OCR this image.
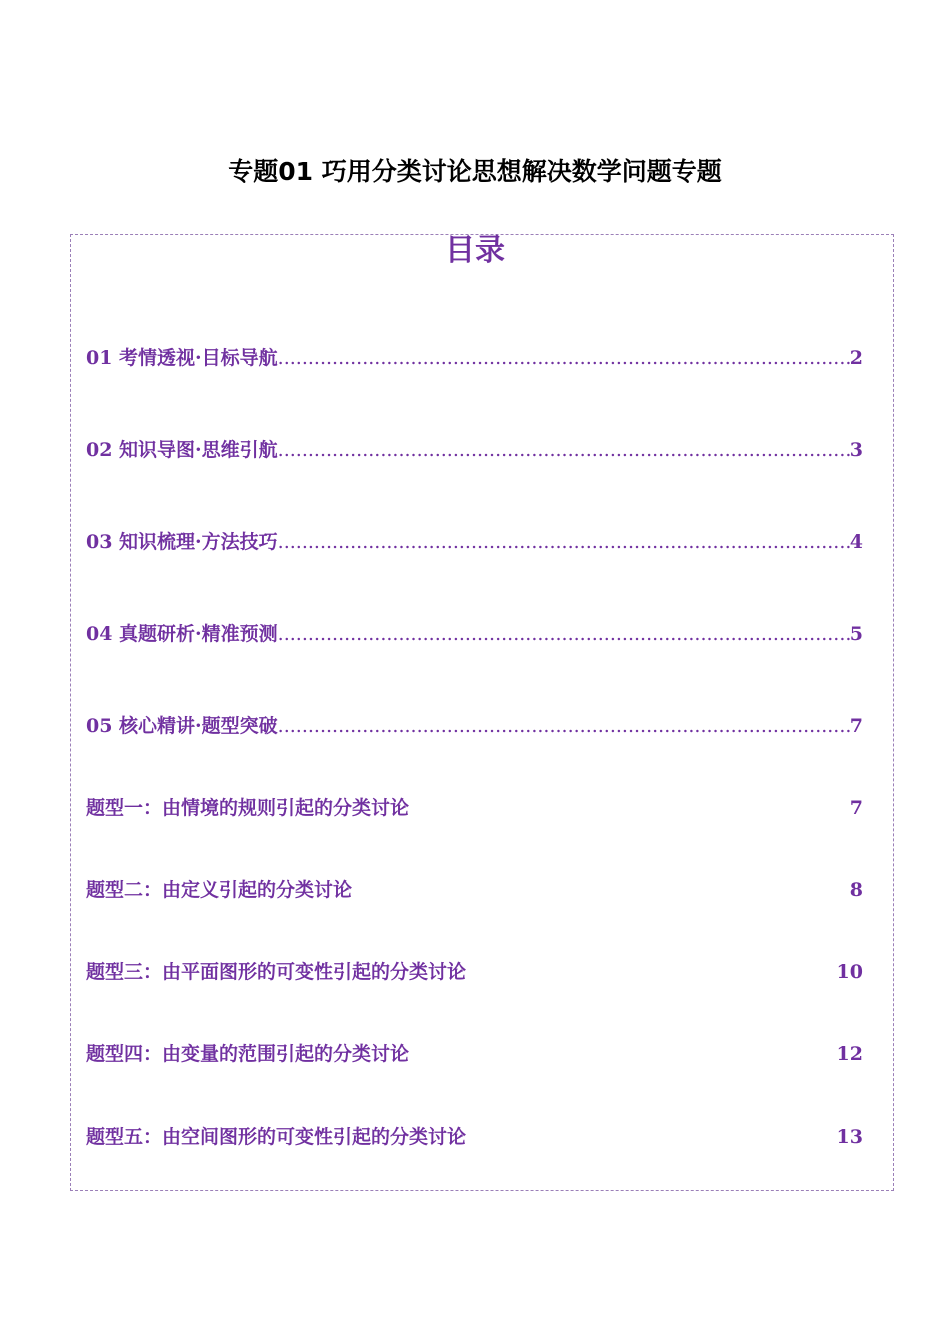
专题01 巧用分类讨论思想解决数学问题专题
目录
01 考情透视·目标导航 .....	2
02 知识导图·思维引航 .....	3
03 知识梳理·方法技巧 .....	4
04 真题研析·精准预测 .....	5
05 核心精讲·题型突破 .....	7
题型一：由情境的规则引起的分类讨论	7
题型二：由定义引起的分类讨论	8
题型三：由平面图形的可变性引起的分类讨论	10
题型四：由变量的范围引起的分类讨论	12
题型五：由空间图形的可变性引起的分类讨论	13
